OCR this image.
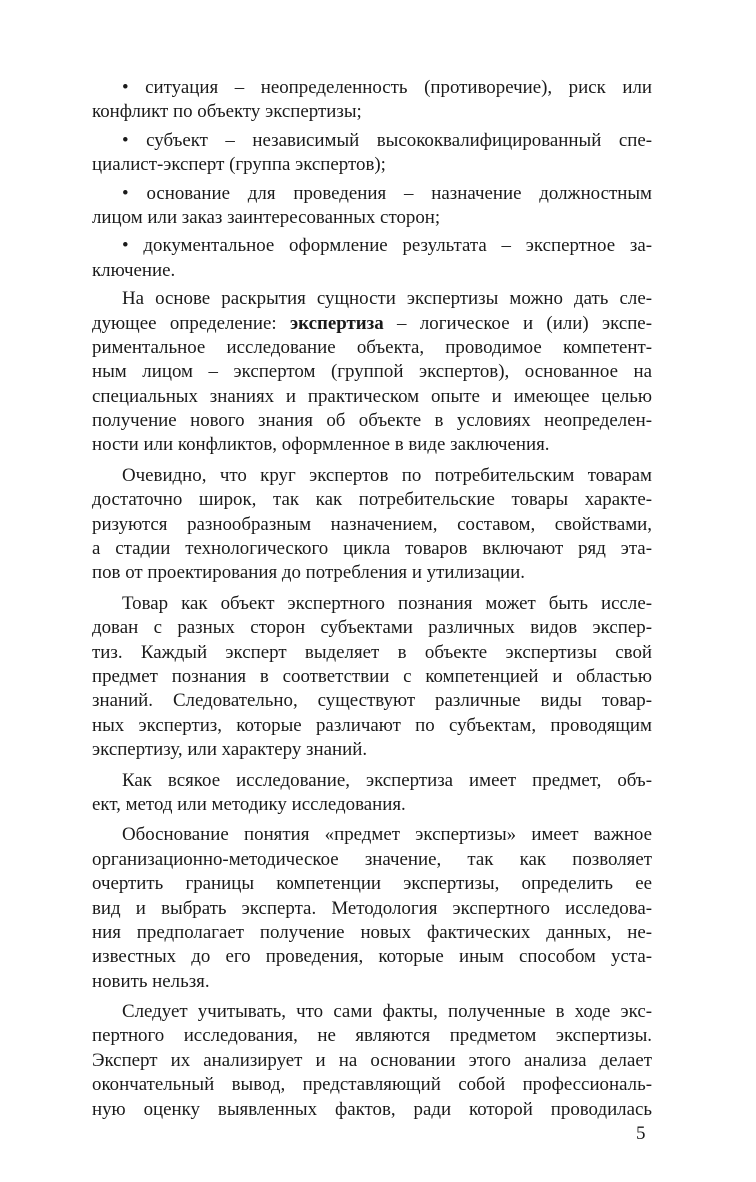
• ситуация – неопределенность (противоречие), риск или
конфликт по объекту экспертизы;
• субъект – независимый высококвалифицированный спе-
циалист-эксперт (группа экспертов);
• основание для проведения – назначение должностным
лицом или заказ заинтересованных сторон;
• документальное оформление результата – экспертное за-
ключение.
На основе раскрытия сущности экспертизы можно дать сле-
дующее определение: экспертиза – логическое и (или) экспе-
риментальное исследование объекта, проводимое компетент-
ным лицом – экспертом (группой экспертов), основанное на
специальных знаниях и практическом опыте и имеющее целью
получение нового знания об объекте в условиях неопределен-
ности или конфликтов, оформленное в виде заключения.
Очевидно, что круг экспертов по потребительским товарам
достаточно широк, так как потребительские товары характе-
ризуются разнообразным назначением, составом, свойствами,
а стадии технологического цикла товаров включают ряд эта-
пов от проектирования до потребления и утилизации.
Товар как объект экспертного познания может быть иссле-
дован с разных сторон субъектами различных видов экспер-
тиз. Каждый эксперт выделяет в объекте экспертизы свой
предмет познания в соответствии с компетенцией и областью
знаний. Следовательно, существуют различные виды товар-
ных экспертиз, которые различают по субъектам, проводящим
экспертизу, или характеру знаний.
Как всякое исследование, экспертиза имеет предмет, объ-
ект, метод или методику исследования.
Обоснование понятия «предмет экспертизы» имеет важное
организационно-методическое значение, так как позволяет
очертить границы компетенции экспертизы, определить ее
вид и выбрать эксперта. Методология экспертного исследова-
ния предполагает получение новых фактических данных, не-
известных до его проведения, которые иным способом уста-
новить нельзя.
Следует учитывать, что сами факты, полученные в ходе экс-
пертного исследования, не являются предметом экспертизы.
Эксперт их анализирует и на основании этого анализа делает
окончательный вывод, представляющий собой профессиональ-
ную оценку выявленных фактов, ради которой проводилась
5
